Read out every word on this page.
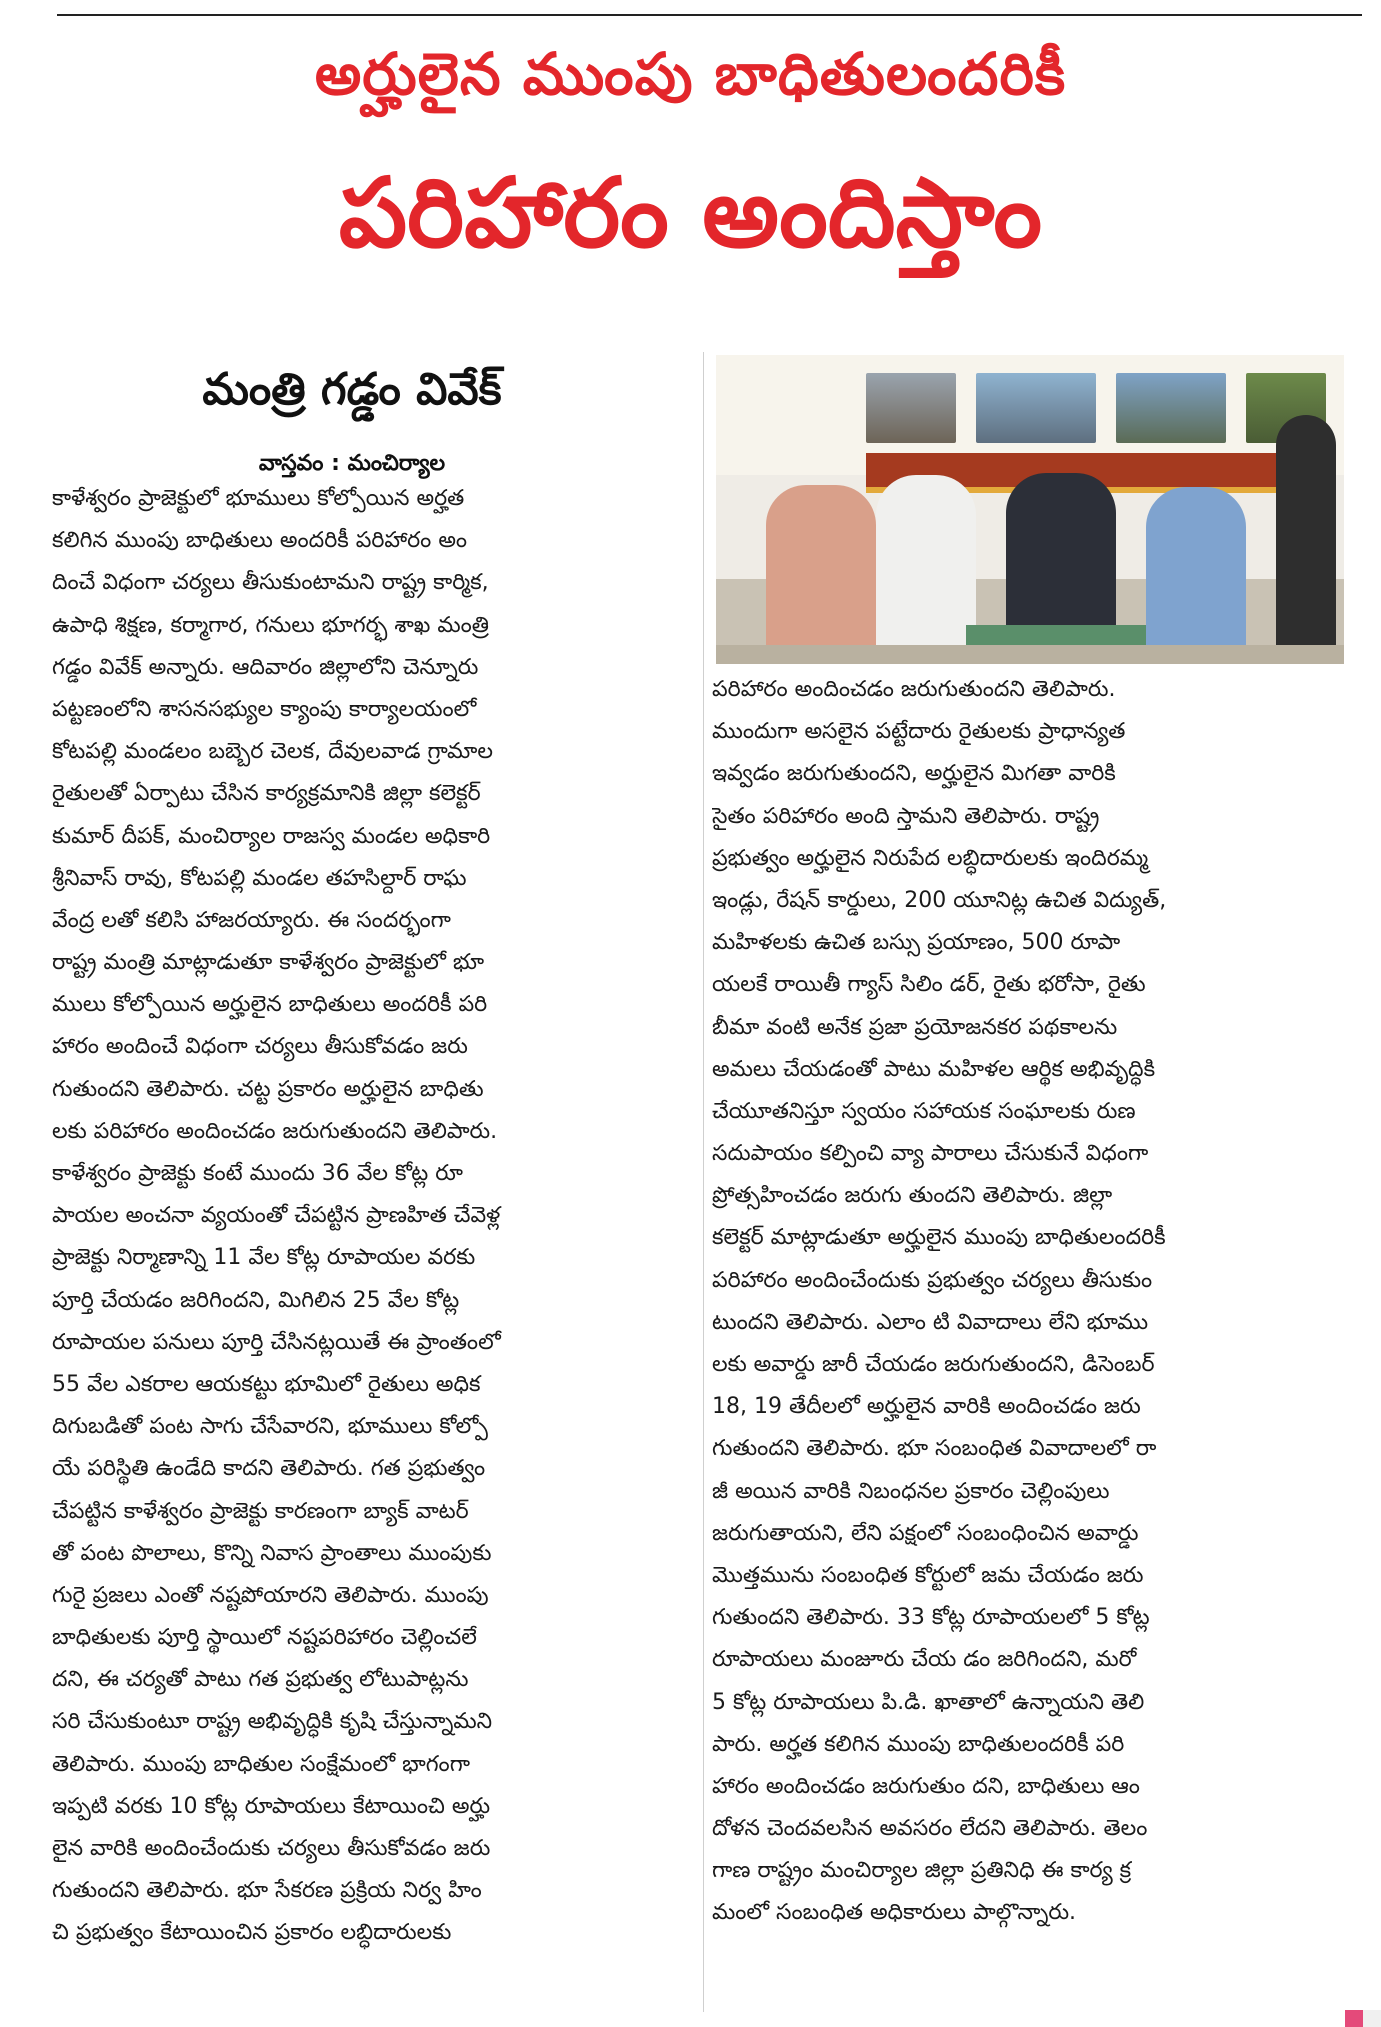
అర్హులైన ముంపు బాధితులందరికీ
పరిహారం అందిస్తాం
మంత్రి గడ్డం వివేక్
వాస్తవం : మంచిర్యాల
కాళేశ్వరం ప్రాజెక్టులో భూములు కోల్పోయిన అర్హత
కలిగిన ముంపు బాధితులు అందరికీ పరిహారం అం
దించే విధంగా చర్యలు తీసుకుంటామని రాష్ట్ర కార్మిక,
ఉపాధి శిక్షణ, కర్మాగార, గనులు భూగర్భ శాఖ మంత్రి
గడ్డం వివేక్ అన్నారు. ఆదివారం జిల్లాలోని చెన్నూరు
పట్టణంలోని శాసనసభ్యుల క్యాంపు కార్యాలయంలో
కోటపల్లి మండలం బబ్బెర చెలక, దేవులవాడ గ్రామాల
రైతులతో ఏర్పాటు చేసిన కార్యక్రమానికి జిల్లా కలెక్టర్
కుమార్ దీపక్, మంచిర్యాల రాజస్వ మండల అధికారి
శ్రీనివాస్ రావు, కోటపల్లి మండల తహసిల్దార్ రాఘ
వేంద్ర లతో కలిసి హాజరయ్యారు. ఈ సందర్భంగా
రాష్ట్ర మంత్రి మాట్లాడుతూ కాళేశ్వరం ప్రాజెక్టులో భూ
ములు కోల్పోయిన అర్హులైన బాధితులు అందరికీ పరి
హారం అందించే విధంగా చర్యలు తీసుకోవడం జరు
గుతుందని తెలిపారు. చట్ట ప్రకారం అర్హులైన బాధితు
లకు పరిహారం అందించడం జరుగుతుందని తెలిపారు.
కాళేశ్వరం ప్రాజెక్టు కంటే ముందు 36 వేల కోట్ల రూ
పాయల అంచనా వ్యయంతో చేపట్టిన ప్రాణహిత చేవెళ్ల
ప్రాజెక్టు నిర్మాణాన్ని 11 వేల కోట్ల రూపాయల వరకు
పూర్తి చేయడం జరిగిందని, మిగిలిన 25 వేల కోట్ల
రూపాయల పనులు పూర్తి చేసినట్లయితే ఈ ప్రాంతంలో
55 వేల ఎకరాల ఆయకట్టు భూమిలో రైతులు అధిక
దిగుబడితో పంట సాగు చేసేవారని, భూములు కోల్పో
యే పరిస్థితి ఉండేది కాదని తెలిపారు. గత ప్రభుత్వం
చేపట్టిన కాళేశ్వరం ప్రాజెక్టు కారణంగా బ్యాక్ వాటర్
తో పంట పొలాలు, కొన్ని నివాస ప్రాంతాలు ముంపుకు
గురై ప్రజలు ఎంతో నష్టపోయారని తెలిపారు. ముంపు
బాధితులకు పూర్తి స్థాయిలో నష్టపరిహారం చెల్లించలే
దని, ఈ చర్యతో పాటు గత ప్రభుత్వ లోటుపాట్లను
సరి చేసుకుంటూ రాష్ట్ర అభివృద్ధికి కృషి చేస్తున్నామని
తెలిపారు. ముంపు బాధితుల సంక్షేమంలో భాగంగా
ఇప్పటి వరకు 10 కోట్ల రూపాయలు కేటాయించి అర్హు
లైన వారికి అందించేందుకు చర్యలు తీసుకోవడం జరు
గుతుందని తెలిపారు. భూ సేకరణ ప్రక్రియ నిర్వ హిం
చి ప్రభుత్వం కేటాయించిన ప్రకారం లబ్ధిదారులకు
పరిహారం అందించడం జరుగుతుందని తెలిపారు.
ముందుగా అసలైన పట్టేదారు రైతులకు ప్రాధాన్యత
ఇవ్వడం జరుగుతుందని, అర్హులైన మిగతా వారికి
సైతం పరిహారం అంది స్తామని తెలిపారు. రాష్ట్ర
ప్రభుత్వం అర్హులైన నిరుపేద లబ్ధిదారులకు ఇందిరమ్మ
ఇండ్లు, రేషన్ కార్డులు, 200 యూనిట్ల ఉచిత విద్యుత్,
మహిళలకు ఉచిత బస్సు ప్రయాణం, 500 రూపా
యలకే రాయితీ గ్యాస్ సిలిం డర్, రైతు భరోసా, రైతు
బీమా వంటి అనేక ప్రజా ప్రయోజనకర పథకాలను
అమలు చేయడంతో పాటు మహిళల ఆర్థిక అభివృద్ధికి
చేయూతనిస్తూ స్వయం సహాయక సంఘాలకు రుణ
సదుపాయం కల్పించి వ్యా పారాలు చేసుకునే విధంగా
ప్రోత్సహించడం జరుగు తుందని తెలిపారు. జిల్లా
కలెక్టర్ మాట్లాడుతూ అర్హులైన ముంపు బాధితులందరికీ
పరిహారం అందించేందుకు ప్రభుత్వం చర్యలు తీసుకుం
టుందని తెలిపారు. ఎలాం టి వివాదాలు లేని భూము
లకు అవార్డు జారీ చేయడం జరుగుతుందని, డిసెంబర్
18, 19 తేదీలలో అర్హులైన వారికి అందించడం జరు
గుతుందని తెలిపారు. భూ సంబంధిత వివాదాలలో రా
జీ అయిన వారికి నిబంధనల ప్రకారం చెల్లింపులు
జరుగుతాయని, లేని పక్షంలో సంబంధించిన అవార్డు
మొత్తమును సంబంధిత కోర్టులో జమ చేయడం జరు
గుతుందని తెలిపారు. 33 కోట్ల రూపాయలలో 5 కోట్ల
రూపాయలు మంజూరు చేయ డం జరిగిందని, మరో
5 కోట్ల రూపాయలు పి.డి. ఖాతాలో ఉన్నాయని తెలి
పారు. అర్హత కలిగిన ముంపు బాధితులందరికీ పరి
హారం అందించడం జరుగుతుం దని, బాధితులు ఆం
దోళన చెందవలసిన అవసరం లేదని తెలిపారు. తెలం
గాణ రాష్ట్రం మంచిర్యాల జిల్లా ప్రతినిధి ఈ కార్య క్ర
మంలో సంబంధిత అధికారులు పాల్గొన్నారు.
